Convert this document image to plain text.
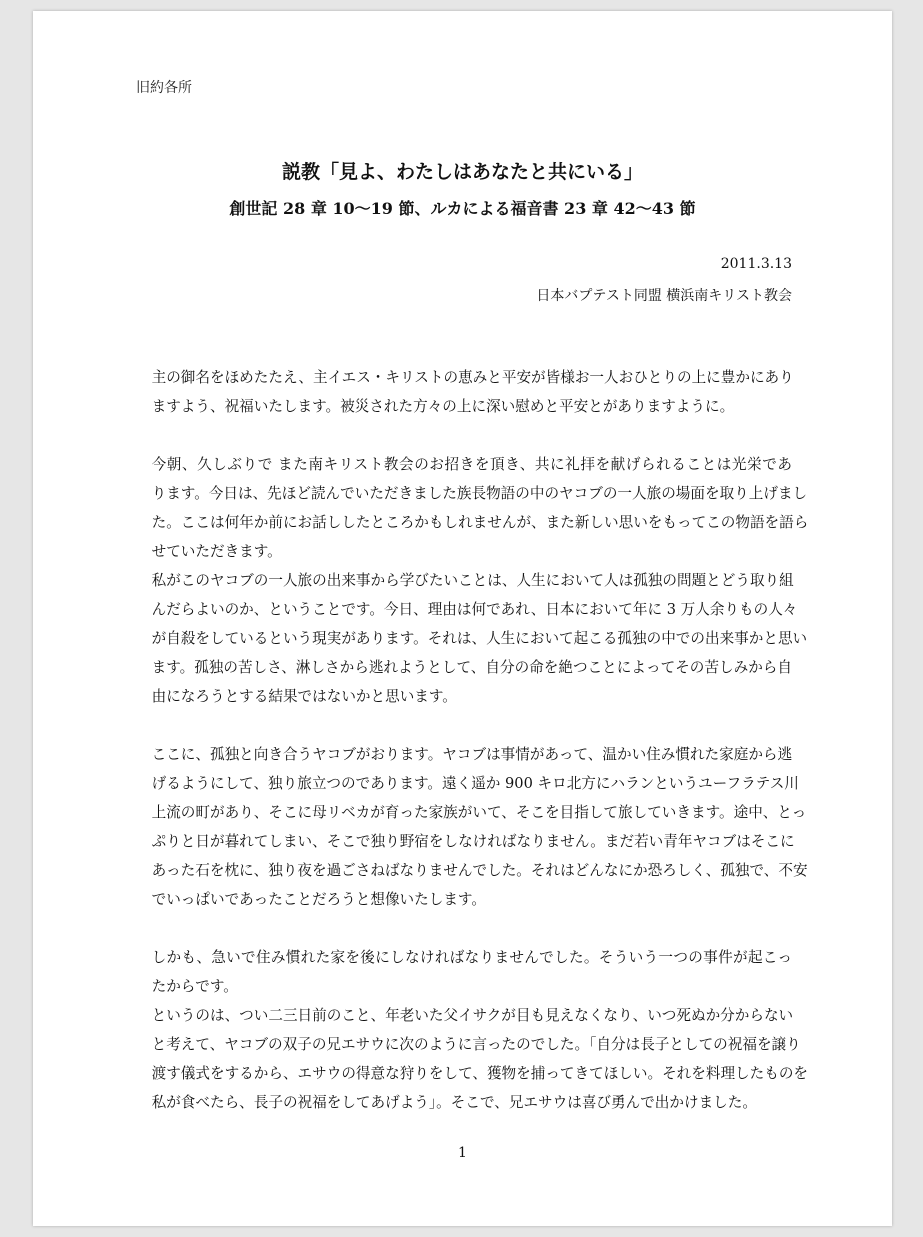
旧約各所
説教「見よ、わたしはあなたと共にいる」
創世記 28 章 10〜19 節、ルカによる福音書 23 章 42〜43 節
2011.3.13
日本バプテスト同盟 横浜南キリスト教会

主の御名をほめたたえ、主イエス・キリストの恵みと平安が皆様お一人おひとりの上に豊かにあり
ますよう、祝福いたします。被災された方々の上に深い慰めと平安とがありますように。

今朝、久しぶりで また南キリスト教会のお招きを頂き、共に礼拝を献げられることは光栄であ
ります。今日は、先ほど読んでいただきました族長物語の中のヤコブの一人旅の場面を取り上げまし
た。ここは何年か前にお話ししたところかもしれませんが、また新しい思いをもってこの物語を語ら
せていただきます。

私がこのヤコブの一人旅の出来事から学びたいことは、人生において人は孤独の問題とどう取り組
んだらよいのか、ということです。今日、理由は何であれ、日本において年に 3 万人余りもの人々
が自殺をしているという現実があります。それは、人生において起こる孤独の中での出来事かと思い
ます。孤独の苦しさ、淋しさから逃れようとして、自分の命を絶つことによってその苦しみから自
由になろうとする結果ではないかと思います。

ここに、孤独と向き合うヤコブがおります。ヤコブは事情があって、温かい住み慣れた家庭から逃
げるようにして、独り旅立つのであります。遠く遥か 900 キロ北方にハランというユーフラテス川
上流の町があり、そこに母リベカが育った家族がいて、そこを目指して旅していきます。途中、とっ
ぷりと日が暮れてしまい、そこで独り野宿をしなければなりません。まだ若い青年ヤコブはそこに
あった石を枕に、独り夜を過ごさねばなりませんでした。それはどんなにか恐ろしく、孤独で、不安
でいっぱいであったことだろうと想像いたします。

しかも、急いで住み慣れた家を後にしなければなりませんでした。そういう一つの事件が起こっ
たからです。

というのは、つい二三日前のこと、年老いた父イサクが目も見えなくなり、いつ死ぬか分からない
と考えて、ヤコブの双子の兄エサウに次のように言ったのでした。「自分は長子としての祝福を譲り
渡す儀式をするから、エサウの得意な狩りをして、獲物を捕ってきてほしい。それを料理したものを
私が食べたら、長子の祝福をしてあげよう」。そこで、兄エサウは喜び勇んで出かけました。

1
